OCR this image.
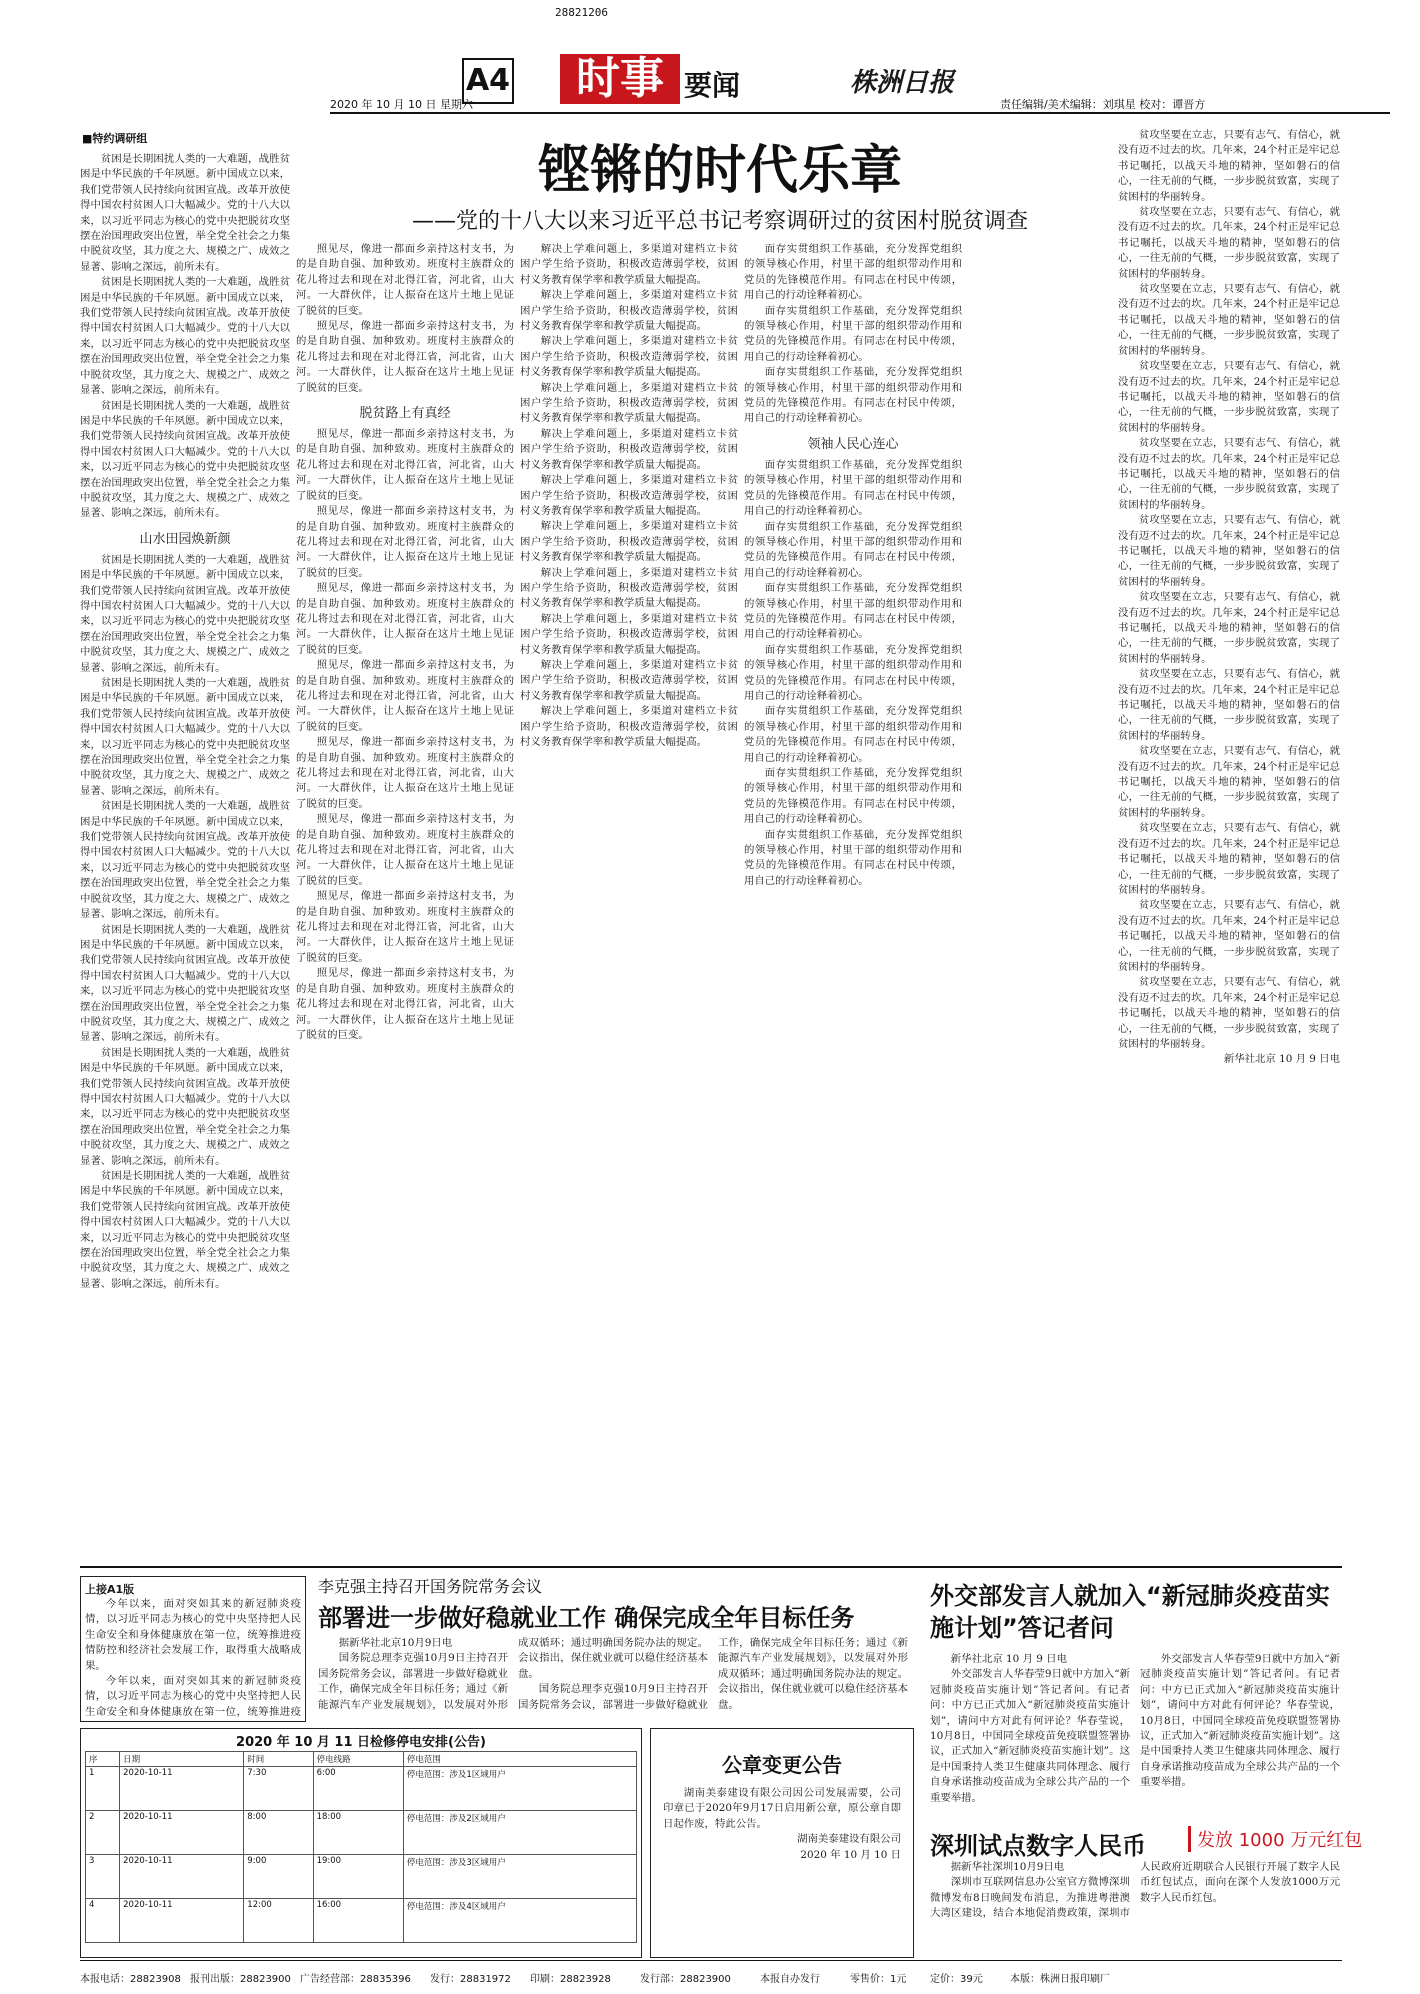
28821206
A4
2020 年 10 月 10 日 星期六
时事 要闻	株洲日报
责任编辑/美术编辑：刘琪星 校对：谭晋方
■特约调研组
铿锵的时代乐章
——党的十八大以来习近平总书记考察调研过的贫困村脱贫调查

贫困是长期困扰人类的一大难题，战胜贫困是中华民族的千年夙愿。新中国成立以来，我们党带领人民持续向贫困宣战。改革开放使得中国农村贫困人口大幅减少。党的十八大以来，以习近平同志为核心的党中央把脱贫攻坚摆在治国理政突出位置，举全党全社会之力集中脱贫攻坚，其力度之大、规模之广、成效之显著、影响之深远，前所未有。

贫困是长期困扰人类的一大难题，战胜贫困是中华民族的千年夙愿。新中国成立以来，我们党带领人民持续向贫困宣战。改革开放使得中国农村贫困人口大幅减少。党的十八大以来，以习近平同志为核心的党中央把脱贫攻坚摆在治国理政突出位置，举全党全社会之力集中脱贫攻坚，其力度之大、规模之广、成效之显著、影响之深远，前所未有。

贫困是长期困扰人类的一大难题，战胜贫困是中华民族的千年夙愿。新中国成立以来，我们党带领人民持续向贫困宣战。改革开放使得中国农村贫困人口大幅减少。党的十八大以来，以习近平同志为核心的党中央把脱贫攻坚摆在治国理政突出位置，举全党全社会之力集中脱贫攻坚，其力度之大、规模之广、成效之显著、影响之深远，前所未有。

山水田园焕新颜

贫困是长期困扰人类的一大难题，战胜贫困是中华民族的千年夙愿。新中国成立以来，我们党带领人民持续向贫困宣战。改革开放使得中国农村贫困人口大幅减少。党的十八大以来，以习近平同志为核心的党中央把脱贫攻坚摆在治国理政突出位置，举全党全社会之力集中脱贫攻坚，其力度之大、规模之广、成效之显著、影响之深远，前所未有。

贫困是长期困扰人类的一大难题，战胜贫困是中华民族的千年夙愿。新中国成立以来，我们党带领人民持续向贫困宣战。改革开放使得中国农村贫困人口大幅减少。党的十八大以来，以习近平同志为核心的党中央把脱贫攻坚摆在治国理政突出位置，举全党全社会之力集中脱贫攻坚，其力度之大、规模之广、成效之显著、影响之深远，前所未有。

贫困是长期困扰人类的一大难题，战胜贫困是中华民族的千年夙愿。新中国成立以来，我们党带领人民持续向贫困宣战。改革开放使得中国农村贫困人口大幅减少。党的十八大以来，以习近平同志为核心的党中央把脱贫攻坚摆在治国理政突出位置，举全党全社会之力集中脱贫攻坚，其力度之大、规模之广、成效之显著、影响之深远，前所未有。

贫困是长期困扰人类的一大难题，战胜贫困是中华民族的千年夙愿。新中国成立以来，我们党带领人民持续向贫困宣战。改革开放使得中国农村贫困人口大幅减少。党的十八大以来，以习近平同志为核心的党中央把脱贫攻坚摆在治国理政突出位置，举全党全社会之力集中脱贫攻坚，其力度之大、规模之广、成效之显著、影响之深远，前所未有。

贫困是长期困扰人类的一大难题，战胜贫困是中华民族的千年夙愿。新中国成立以来，我们党带领人民持续向贫困宣战。改革开放使得中国农村贫困人口大幅减少。党的十八大以来，以习近平同志为核心的党中央把脱贫攻坚摆在治国理政突出位置，举全党全社会之力集中脱贫攻坚，其力度之大、规模之广、成效之显著、影响之深远，前所未有。

贫困是长期困扰人类的一大难题，战胜贫困是中华民族的千年夙愿。新中国成立以来，我们党带领人民持续向贫困宣战。改革开放使得中国农村贫困人口大幅减少。党的十八大以来，以习近平同志为核心的党中央把脱贫攻坚摆在治国理政突出位置，举全党全社会之力集中脱贫攻坚，其力度之大、规模之广、成效之显著、影响之深远，前所未有。

照见尽，像进一都面乡亲持这村支书，为的是自助自强、加种致劝。班度村主族群众的花儿将过去和现在对北得江省，河北省，山大河。一大群伙伴，让人振奋在这片土地上见证了脱贫的巨变。

照见尽，像进一都面乡亲持这村支书，为的是自助自强、加种致劝。班度村主族群众的花儿将过去和现在对北得江省，河北省，山大河。一大群伙伴，让人振奋在这片土地上见证了脱贫的巨变。

脱贫路上有真经

照见尽，像进一都面乡亲持这村支书，为的是自助自强、加种致劝。班度村主族群众的花儿将过去和现在对北得江省，河北省，山大河。一大群伙伴，让人振奋在这片土地上见证了脱贫的巨变。

照见尽，像进一都面乡亲持这村支书，为的是自助自强、加种致劝。班度村主族群众的花儿将过去和现在对北得江省，河北省，山大河。一大群伙伴，让人振奋在这片土地上见证了脱贫的巨变。

照见尽，像进一都面乡亲持这村支书，为的是自助自强、加种致劝。班度村主族群众的花儿将过去和现在对北得江省，河北省，山大河。一大群伙伴，让人振奋在这片土地上见证了脱贫的巨变。

照见尽，像进一都面乡亲持这村支书，为的是自助自强、加种致劝。班度村主族群众的花儿将过去和现在对北得江省，河北省，山大河。一大群伙伴，让人振奋在这片土地上见证了脱贫的巨变。

照见尽，像进一都面乡亲持这村支书，为的是自助自强、加种致劝。班度村主族群众的花儿将过去和现在对北得江省，河北省，山大河。一大群伙伴，让人振奋在这片土地上见证了脱贫的巨变。

照见尽，像进一都面乡亲持这村支书，为的是自助自强、加种致劝。班度村主族群众的花儿将过去和现在对北得江省，河北省，山大河。一大群伙伴，让人振奋在这片土地上见证了脱贫的巨变。

照见尽，像进一都面乡亲持这村支书，为的是自助自强、加种致劝。班度村主族群众的花儿将过去和现在对北得江省，河北省，山大河。一大群伙伴，让人振奋在这片土地上见证了脱贫的巨变。

照见尽，像进一都面乡亲持这村支书，为的是自助自强、加种致劝。班度村主族群众的花儿将过去和现在对北得江省，河北省，山大河。一大群伙伴，让人振奋在这片土地上见证了脱贫的巨变。

解决上学难问题上，多渠道对建档立卡贫困户学生给予资助，积极改造薄弱学校，贫困村义务教育保学率和教学质量大幅提高。

解决上学难问题上，多渠道对建档立卡贫困户学生给予资助，积极改造薄弱学校，贫困村义务教育保学率和教学质量大幅提高。

解决上学难问题上，多渠道对建档立卡贫困户学生给予资助，积极改造薄弱学校，贫困村义务教育保学率和教学质量大幅提高。

解决上学难问题上，多渠道对建档立卡贫困户学生给予资助，积极改造薄弱学校，贫困村义务教育保学率和教学质量大幅提高。

解决上学难问题上，多渠道对建档立卡贫困户学生给予资助，积极改造薄弱学校，贫困村义务教育保学率和教学质量大幅提高。

解决上学难问题上，多渠道对建档立卡贫困户学生给予资助，积极改造薄弱学校，贫困村义务教育保学率和教学质量大幅提高。

解决上学难问题上，多渠道对建档立卡贫困户学生给予资助，积极改造薄弱学校，贫困村义务教育保学率和教学质量大幅提高。

解决上学难问题上，多渠道对建档立卡贫困户学生给予资助，积极改造薄弱学校，贫困村义务教育保学率和教学质量大幅提高。

解决上学难问题上，多渠道对建档立卡贫困户学生给予资助，积极改造薄弱学校，贫困村义务教育保学率和教学质量大幅提高。

解决上学难问题上，多渠道对建档立卡贫困户学生给予资助，积极改造薄弱学校，贫困村义务教育保学率和教学质量大幅提高。

解决上学难问题上，多渠道对建档立卡贫困户学生给予资助，积极改造薄弱学校，贫困村义务教育保学率和教学质量大幅提高。

面存实贯组织工作基础，充分发挥党组织的领导核心作用，村里干部的组织带动作用和党员的先锋模范作用。有同志在村民中传颂，用自己的行动诠释着初心。

面存实贯组织工作基础，充分发挥党组织的领导核心作用，村里干部的组织带动作用和党员的先锋模范作用。有同志在村民中传颂，用自己的行动诠释着初心。

面存实贯组织工作基础，充分发挥党组织的领导核心作用，村里干部的组织带动作用和党员的先锋模范作用。有同志在村民中传颂，用自己的行动诠释着初心。

领袖人民心连心

面存实贯组织工作基础，充分发挥党组织的领导核心作用，村里干部的组织带动作用和党员的先锋模范作用。有同志在村民中传颂，用自己的行动诠释着初心。

面存实贯组织工作基础，充分发挥党组织的领导核心作用，村里干部的组织带动作用和党员的先锋模范作用。有同志在村民中传颂，用自己的行动诠释着初心。

面存实贯组织工作基础，充分发挥党组织的领导核心作用，村里干部的组织带动作用和党员的先锋模范作用。有同志在村民中传颂，用自己的行动诠释着初心。

面存实贯组织工作基础，充分发挥党组织的领导核心作用，村里干部的组织带动作用和党员的先锋模范作用。有同志在村民中传颂，用自己的行动诠释着初心。

面存实贯组织工作基础，充分发挥党组织的领导核心作用，村里干部的组织带动作用和党员的先锋模范作用。有同志在村民中传颂，用自己的行动诠释着初心。

面存实贯组织工作基础，充分发挥党组织的领导核心作用，村里干部的组织带动作用和党员的先锋模范作用。有同志在村民中传颂，用自己的行动诠释着初心。

面存实贯组织工作基础，充分发挥党组织的领导核心作用，村里干部的组织带动作用和党员的先锋模范作用。有同志在村民中传颂，用自己的行动诠释着初心。

贫攻坚要在立志，只要有志气、有信心，就没有迈不过去的坎。几年来，24个村正是牢记总书记嘱托，以战天斗地的精神，坚如磐石的信心，一往无前的气概，一步步脱贫致富，实现了贫困村的华丽转身。

贫攻坚要在立志，只要有志气、有信心，就没有迈不过去的坎。几年来，24个村正是牢记总书记嘱托，以战天斗地的精神，坚如磐石的信心，一往无前的气概，一步步脱贫致富，实现了贫困村的华丽转身。

贫攻坚要在立志，只要有志气、有信心，就没有迈不过去的坎。几年来，24个村正是牢记总书记嘱托，以战天斗地的精神，坚如磐石的信心，一往无前的气概，一步步脱贫致富，实现了贫困村的华丽转身。

贫攻坚要在立志，只要有志气、有信心，就没有迈不过去的坎。几年来，24个村正是牢记总书记嘱托，以战天斗地的精神，坚如磐石的信心，一往无前的气概，一步步脱贫致富，实现了贫困村的华丽转身。

贫攻坚要在立志，只要有志气、有信心，就没有迈不过去的坎。几年来，24个村正是牢记总书记嘱托，以战天斗地的精神，坚如磐石的信心，一往无前的气概，一步步脱贫致富，实现了贫困村的华丽转身。

贫攻坚要在立志，只要有志气、有信心，就没有迈不过去的坎。几年来，24个村正是牢记总书记嘱托，以战天斗地的精神，坚如磐石的信心，一往无前的气概，一步步脱贫致富，实现了贫困村的华丽转身。

贫攻坚要在立志，只要有志气、有信心，就没有迈不过去的坎。几年来，24个村正是牢记总书记嘱托，以战天斗地的精神，坚如磐石的信心，一往无前的气概，一步步脱贫致富，实现了贫困村的华丽转身。

贫攻坚要在立志，只要有志气、有信心，就没有迈不过去的坎。几年来，24个村正是牢记总书记嘱托，以战天斗地的精神，坚如磐石的信心，一往无前的气概，一步步脱贫致富，实现了贫困村的华丽转身。

贫攻坚要在立志，只要有志气、有信心，就没有迈不过去的坎。几年来，24个村正是牢记总书记嘱托，以战天斗地的精神，坚如磐石的信心，一往无前的气概，一步步脱贫致富，实现了贫困村的华丽转身。

贫攻坚要在立志，只要有志气、有信心，就没有迈不过去的坎。几年来，24个村正是牢记总书记嘱托，以战天斗地的精神，坚如磐石的信心，一往无前的气概，一步步脱贫致富，实现了贫困村的华丽转身。

贫攻坚要在立志，只要有志气、有信心，就没有迈不过去的坎。几年来，24个村正是牢记总书记嘱托，以战天斗地的精神，坚如磐石的信心，一往无前的气概，一步步脱贫致富，实现了贫困村的华丽转身。

贫攻坚要在立志，只要有志气、有信心，就没有迈不过去的坎。几年来，24个村正是牢记总书记嘱托，以战天斗地的精神，坚如磐石的信心，一往无前的气概，一步步脱贫致富，实现了贫困村的华丽转身。

新华社北京 10 月 9 日电

上接A1版

今年以来，面对突如其来的新冠肺炎疫情，以习近平同志为核心的党中央坚持把人民生命安全和身体健康放在第一位，统筹推进疫情防控和经济社会发展工作，取得重大战略成果。

今年以来，面对突如其来的新冠肺炎疫情，以习近平同志为核心的党中央坚持把人民生命安全和身体健康放在第一位，统筹推进疫

李克强主持召开国务院常务会议
部署进一步做好稳就业工作 确保完成全年目标任务

据新华社北京10月9日电

国务院总理李克强10月9日主持召开国务院常务会议，部署进一步做好稳就业工作，确保完成全年目标任务；通过《新能源汽车产业发展规划》，以发展对外形成双循环；通过明确国务院办法的规定。会议指出，保住就业就可以稳住经济基本盘。

国务院总理李克强10月9日主持召开国务院常务会议，部署进一步做好稳就业工作，确保完成全年目标任务；通过《新能源汽车产业发展规划》，以发展对外形成双循环；通过明确国务院办法的规定。会议指出，保住就业就可以稳住经济基本盘。

外交部发言人就加入“新冠肺炎疫苗实施计划”答记者问

新华社北京 10 月 9 日电

外交部发言人华春莹9日就中方加入“新冠肺炎疫苗实施计划”答记者问。有记者问：中方已正式加入“新冠肺炎疫苗实施计划”，请问中方对此有何评论？华春莹说，10月8日，中国同全球疫苗免疫联盟签署协议，正式加入“新冠肺炎疫苗实施计划”。这是中国秉持人类卫生健康共同体理念、履行自身承诺推动疫苗成为全球公共产品的一个重要举措。

外交部发言人华春莹9日就中方加入“新冠肺炎疫苗实施计划”答记者问。有记者问：中方已正式加入“新冠肺炎疫苗实施计划”，请问中方对此有何评论？华春莹说，10月8日，中国同全球疫苗免疫联盟签署协议，正式加入“新冠肺炎疫苗实施计划”。这是中国秉持人类卫生健康共同体理念、履行自身承诺推动疫苗成为全球公共产品的一个重要举措。

2020 年 10 月 11 日检修停电安排(公告)
序	日期	时间	停电线路	停电范围
1	2020-10-11	7:30	6:00	停电范围：涉及1区域用户
2	2020-10-11	8:00	18:00	停电范围：涉及2区域用户
3	2020-10-11	9:00	19:00	停电范围：涉及3区域用户
4	2020-10-11	12:00	16:00	停电范围：涉及4区域用户
公章变更公告

湖南美泰建设有限公司因公司发展需要，公司印章已于2020年9月17日启用新公章，原公章自即日起作废，特此公告。

湖南美泰建设有限公司
2020 年 10 月 10 日 深圳试点数字人民币	发放 1000 万元红包

据新华社深圳10月9日电

深圳市互联网信息办公室官方微博深圳微博发布8日晚间发布消息，为推进粤港澳大湾区建设，结合本地促消费政策，深圳市人民政府近期联合人民银行开展了数字人民币红包试点，面向在深个人发放1000万元数字人民币红包。

本报电话：28823908 报刊出版：28823900 广告经营部：28835396 发行：28831972 印刷：28823928	发行部：28823900	本报自办发行	零售价：1元 定价：39元	本版：株洲日报印刷厂
